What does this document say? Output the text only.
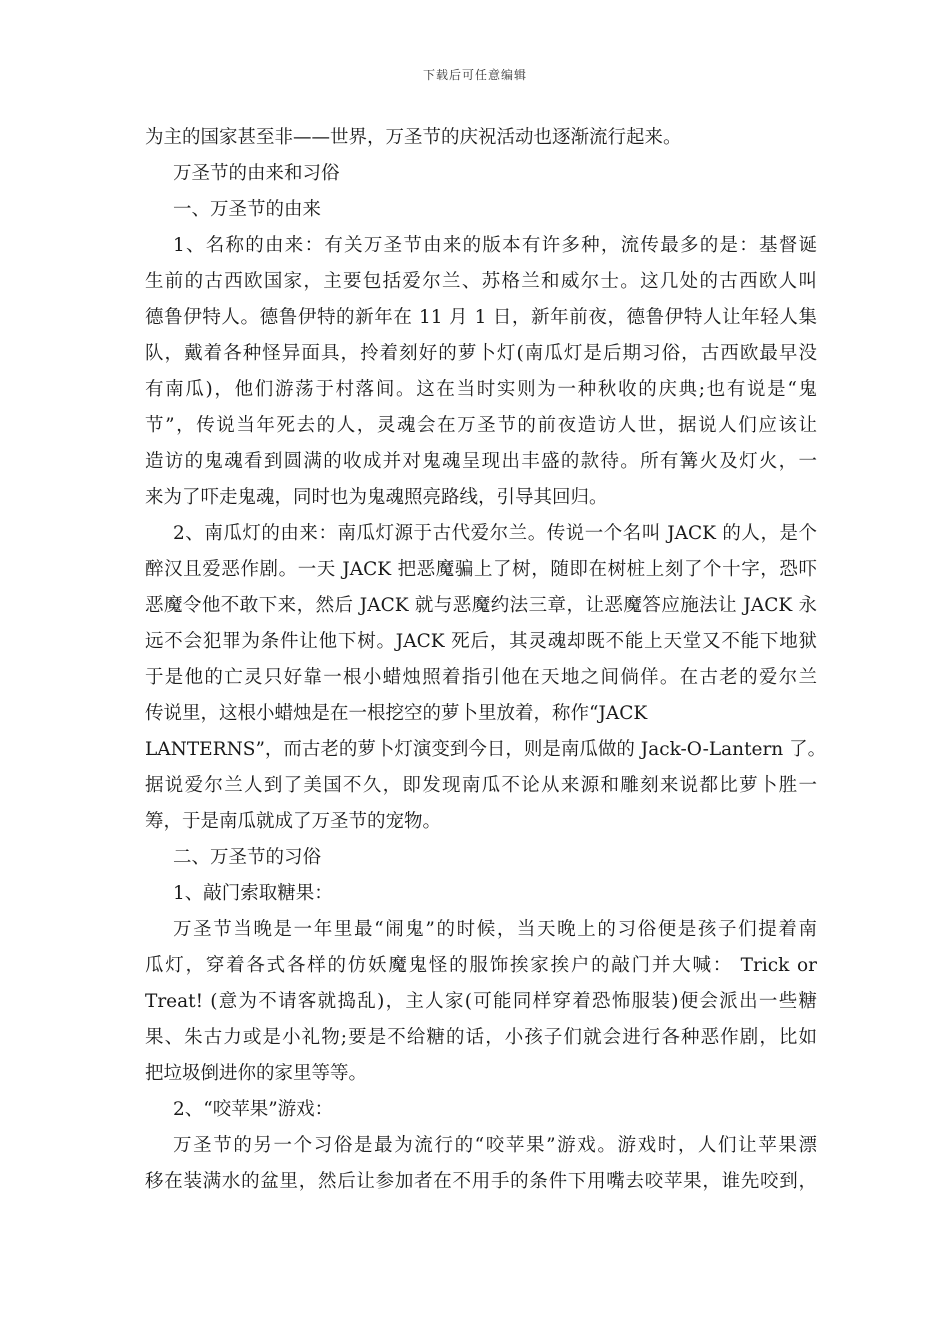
下载后可任意编辑
为主的国家甚至非——世界，万圣节的庆祝活动也逐渐流行起来。
万圣节的由来和习俗
一、万圣节的由来
1、名称的由来：有关万圣节由来的版本有许多种，流传最多的是：基督诞
生前的古西欧国家，主要包括爱尔兰、苏格兰和威尔士。这几处的古西欧人叫
德鲁伊特人。德鲁伊特的新年在 11 月 1 日，新年前夜，德鲁伊特人让年轻人集
队，戴着各种怪异面具，拎着刻好的萝卜灯(南瓜灯是后期习俗，古西欧最早没
有南瓜)，他们游荡于村落间。这在当时实则为一种秋收的庆典;也有说是“鬼
节”，传说当年死去的人，灵魂会在万圣节的前夜造访人世，据说人们应该让
造访的鬼魂看到圆满的收成并对鬼魂呈现出丰盛的款待。所有篝火及灯火，一
来为了吓走鬼魂，同时也为鬼魂照亮路线，引导其回归。
2、南瓜灯的由来：南瓜灯源于古代爱尔兰。传说一个名叫 JACK 的人，是个
醉汉且爱恶作剧。一天 JACK 把恶魔骗上了树，随即在树桩上刻了个十字，恐吓
恶魔令他不敢下来，然后 JACK 就与恶魔约法三章，让恶魔答应施法让 JACK 永
远不会犯罪为条件让他下树。JACK 死后，其灵魂却既不能上天堂又不能下地狱
于是他的亡灵只好靠一根小蜡烛照着指引他在天地之间倘佯。在古老的爱尔兰
传说里，这根小蜡烛是在一根挖空的萝卜里放着，称作“JACK
LANTERNS”，而古老的萝卜灯演变到今日，则是南瓜做的 Jack-O-Lantern 了。
据说爱尔兰人到了美国不久，即发现南瓜不论从来源和雕刻来说都比萝卜胜一
筹，于是南瓜就成了万圣节的宠物。
二、万圣节的习俗
1、敲门索取糖果：
万圣节当晚是一年里最“闹鬼”的时候，当天晚上的习俗便是孩子们提着南
瓜灯，穿着各式各样的仿妖魔鬼怪的服饰挨家挨户的敲门并大喊： Trick or
Treat! (意为不请客就捣乱)，主人家(可能同样穿着恐怖服装)便会派出一些糖
果、朱古力或是小礼物;要是不给糖的话，小孩子们就会进行各种恶作剧，比如
把垃圾倒进你的家里等等。
2、“咬苹果”游戏：
万圣节的另一个习俗是最为流行的“咬苹果”游戏。游戏时，人们让苹果漂
移在装满水的盆里，然后让参加者在不用手的条件下用嘴去咬苹果，谁先咬到，
